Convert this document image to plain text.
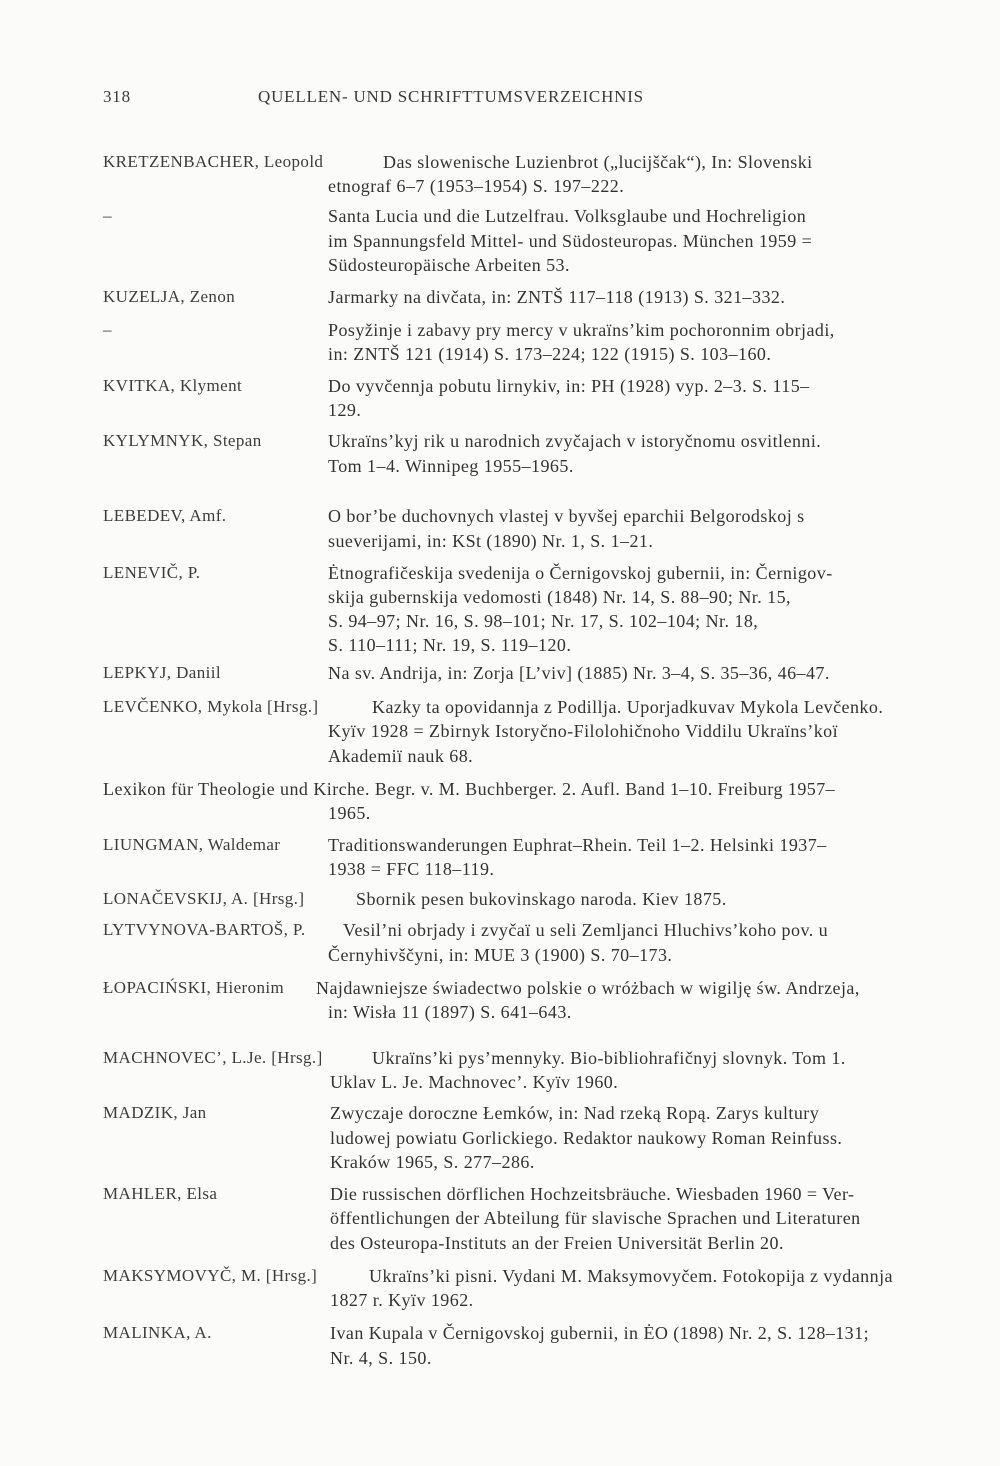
318	QUELLEN- UND SCHRIFTTUMSVERZEICHNIS
KRETZENBACHER, Leopold	Das slowenische Luzienbrot („lucijščak“), In: Slovenski
etnograf 6–7 (1953–1954) S. 197–222.
–	Santa Lucia und die Lutzelfrau. Volksglaube und Hochreligion
im Spannungsfeld Mittel- und Südosteuropas. München 1959 =
Südosteuropäische Arbeiten 53.
KUZELJA, Zenon	Jarmarky na divčata, in: ZNTŠ 117–118 (1913) S. 321–332.
–	Posyžinje i zabavy pry mercy v ukraïns’kim pochoronnim obrjadi,
in: ZNTŠ 121 (1914) S. 173–224; 122 (1915) S. 103–160.
KVITKA, Klyment	Do vyvčennja pobutu lirnykiv, in: PH (1928) vyp. 2–3. S. 115–
129.
KYLYMNYK, Stepan	Ukraïns’kyj rik u narodnich zvyčajach v istoryčnomu osvitlenni.
Tom 1–4. Winnipeg 1955–1965.
LEBEDEV, Amf.	O bor’be duchovnych vlastej v byvšej eparchii Belgorodskoj s
sueverijami, in: KSt (1890) Nr. 1, S. 1–21.
LENEVIČ, P.	Ėtnografičeskija svedenija o Černigovskoj gubernii, in: Černigov-
skija gubernskija vedomosti (1848) Nr. 14, S. 88–90; Nr. 15,
S. 94–97; Nr. 16, S. 98–101; Nr. 17, S. 102–104; Nr. 18,
S. 110–111; Nr. 19, S. 119–120.
LEPKYJ, Daniil	Na sv. Andrija, in: Zorja [L’viv] (1885) Nr. 3–4, S. 35–36, 46–47.
LEVČENKO, Mykola [Hrsg.]	Kazky ta opovidannja z Podillja. Uporjadkuvav Mykola Levčenko.
Kyïv 1928 = Zbirnyk Istoryčno-Filolohičnoho Viddilu Ukraïns’koï
Akademiï nauk 68.
Lexikon für Theologie und Kirche. Begr. v. M. Buchberger. 2. Aufl. Band 1–10. Freiburg 1957–
1965.
LIUNGMAN, Waldemar	Traditionswanderungen Euphrat–Rhein. Teil 1–2. Helsinki 1937–
1938 = FFC 118–119.
LONAČEVSKIJ, A. [Hrsg.]	Sbornik pesen bukovinskago naroda. Kiev 1875.
LYTVYNOVA-BARTOŠ, P. Vesil’ni obrjady i zvyčaï u seli Zemljanci Hluchivs’koho pov. u
Černyhivščyni, in: MUE 3 (1900) S. 70–173.
ŁOPACIŃSKI, Hieronim Najdawniejsze świadectwo polskie o wróżbach w wigilję św. Andrzeja,
in: Wisła 11 (1897) S. 641–643.
MACHNOVEC’, L.Je. [Hrsg.]	Ukraïns’ki pys’mennyky. Bio-bibliohrafičnyj slovnyk. Tom 1.
Uklav L. Je. Machnovec’. Kyïv 1960.
MADZIK, Jan	Zwyczaje doroczne Łemków, in: Nad rzeką Ropą. Zarys kultury
ludowej powiatu Gorlickiego. Redaktor naukowy Roman Reinfuss.
Kraków 1965, S. 277–286.
MAHLER, Elsa	Die russischen dörflichen Hochzeitsbräuche. Wiesbaden 1960 = Ver-
öffentlichungen der Abteilung für slavische Sprachen und Literaturen
des Osteuropa-Instituts an der Freien Universität Berlin 20.
MAKSYMOVYČ, M. [Hrsg.]	Ukraïns’ki pisni. Vydani M. Maksymovyčem. Fotokopija z vydannja
1827 r. Kyïv 1962.
MALINKA, A.	Ivan Kupala v Černigovskoj gubernii, in ĖO (1898) Nr. 2, S. 128–131;
Nr. 4, S. 150.
